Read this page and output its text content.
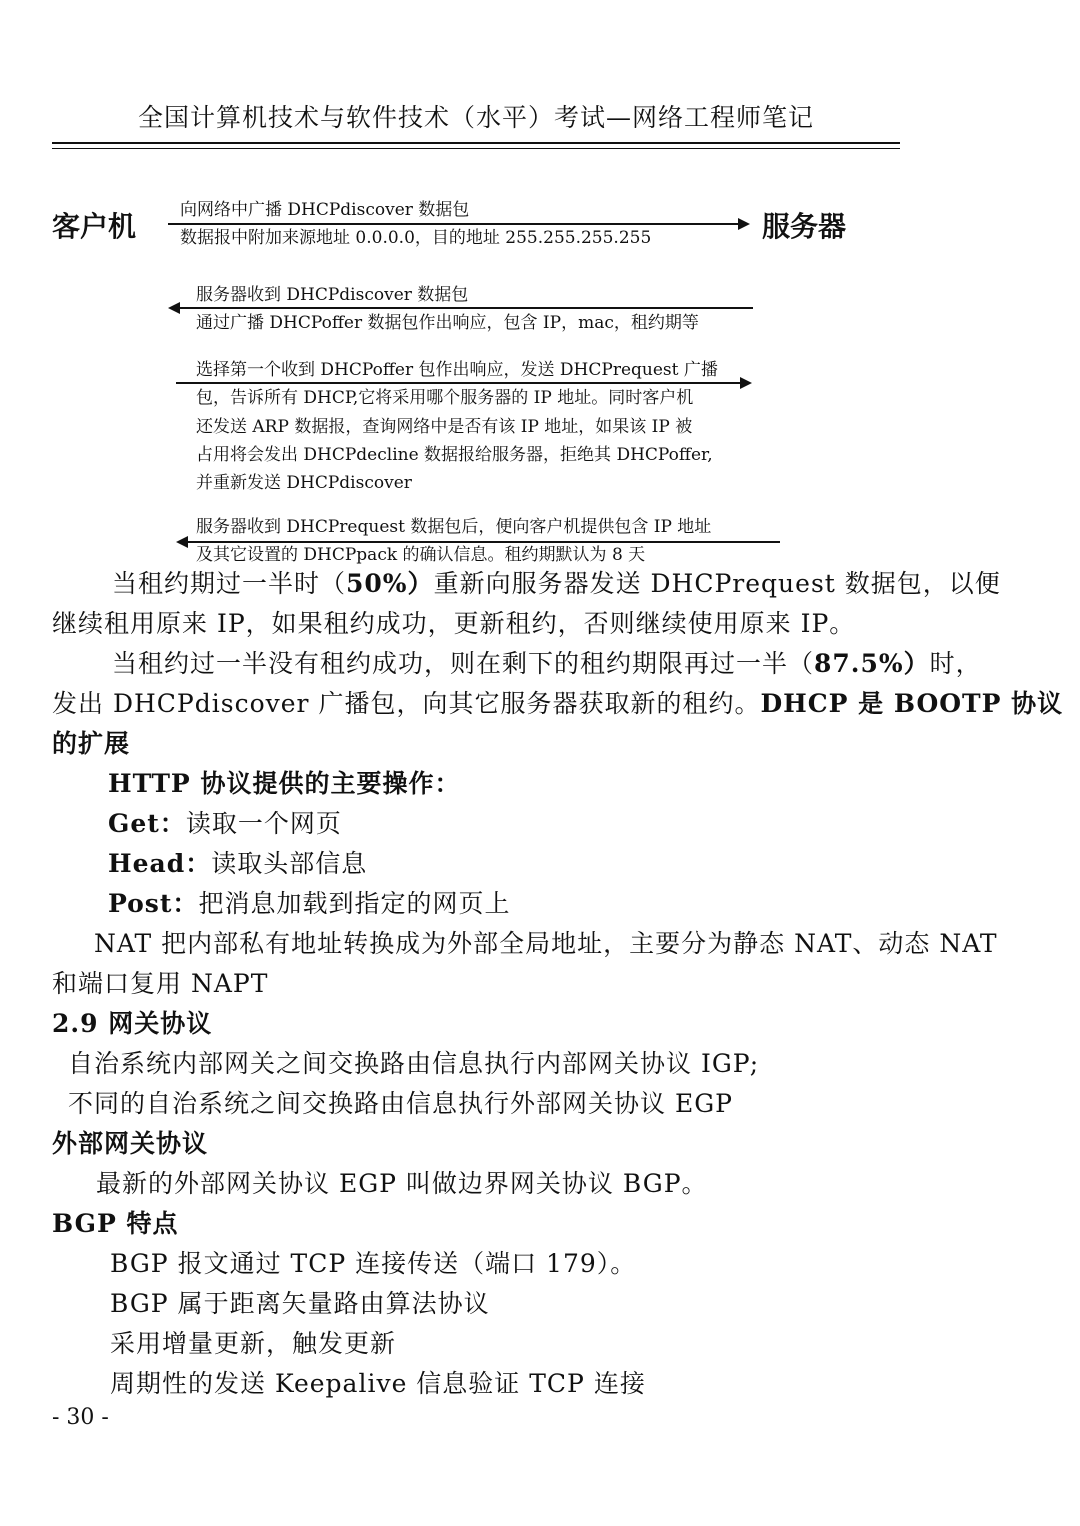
全国计算机技术与软件技术（水平）考试—网络工程师笔记
客户机	服务器
向网络中广播 DHCPdiscover 数据包
数据报中附加来源地址 0.0.0.0，目的地址 255.255.255.255
服务器收到 DHCPdiscover 数据包
通过广播 DHCPoffer 数据包作出响应，包含 IP，mac，租约期等
选择第一个收到 DHCPoffer 包作出响应，发送 DHCPrequest 广播
包，告诉所有 DHCP,它将采用哪个服务器的 IP 地址。同时客户机
还发送 ARP 数据报，查询网络中是否有该 IP 地址，如果该 IP 被
占用将会发出 DHCPdecline 数据报给服务器，拒绝其 DHCPoffer,
并重新发送 DHCPdiscover
服务器收到 DHCPrequest 数据包后，便向客户机提供包含 IP 地址
及其它设置的 DHCPpack 的确认信息。租约期默认为 8 天
当租约期过一半时（50%）重新向服务器发送 DHCPrequest 数据包，以便
继续租用原来 IP，如果租约成功，更新租约，否则继续使用原来 IP。
当租约过一半没有租约成功，则在剩下的租约期限再过一半（87.5%）时，
发出 DHCPdiscover 广播包，向其它服务器获取新的租约。DHCP 是 BOOTP 协议
的扩展
HTTP 协议提供的主要操作：
Get：读取一个网页
Head：读取头部信息
Post：把消息加载到指定的网页上
NAT 把内部私有地址转换成为外部全局地址，主要分为静态 NAT、动态 NAT
和端口复用 NAPT
2.9 网关协议
自治系统内部网关之间交换路由信息执行内部网关协议 IGP;
不同的自治系统之间交换路由信息执行外部网关协议 EGP
外部网关协议
最新的外部网关协议 EGP 叫做边界网关协议 BGP。
BGP 特点
BGP 报文通过 TCP 连接传送（端口 179）。
BGP 属于距离矢量路由算法协议
采用增量更新，触发更新
周期性的发送 Keepalive 信息验证 TCP 连接
- 30 -
